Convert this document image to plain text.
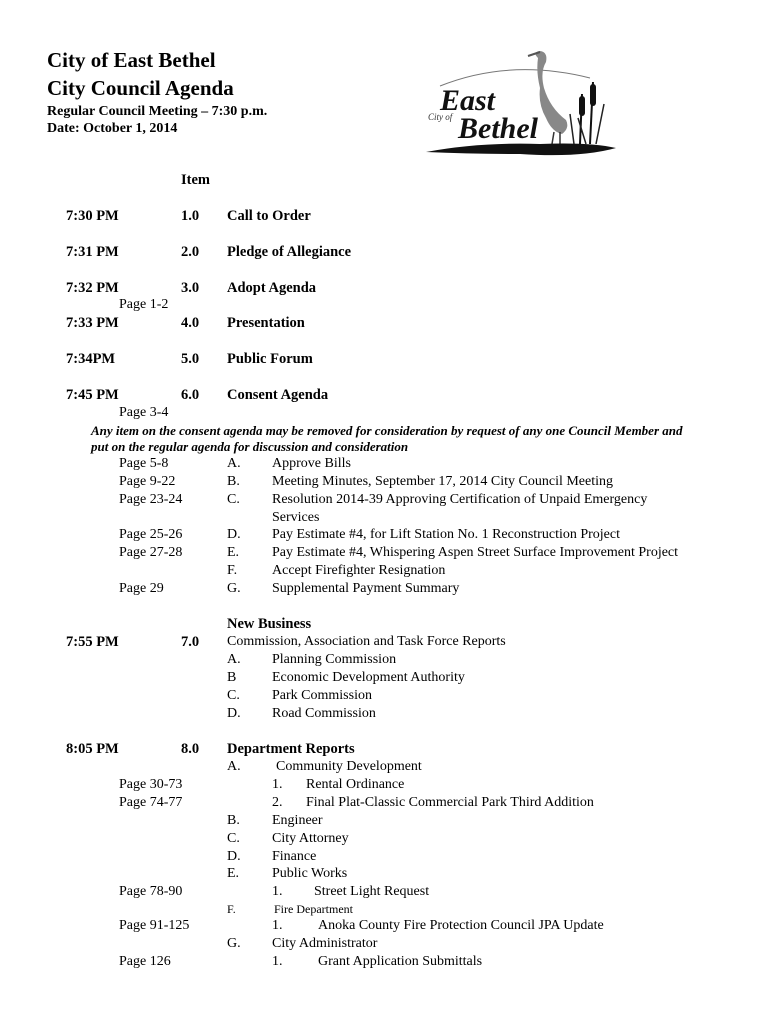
City of East Bethel
City Council Agenda
Regular Council Meeting – 7:30 p.m.
Date: October 1, 2014
East
City of Bethel
Item
7:30 PM	1.0 Call to Order
7:31 PM	2.0 Pledge of Allegiance
7:32 PM	3.0 Adopt Agenda
Page 1-2
7:33 PM	4.0 Presentation
7:34PM	5.0 Public Forum
7:45 PM	6.0 Consent Agenda
Page 3-4
Any item on the consent agenda may be removed for consideration by request of any one Council Member and
put on the regular agenda for discussion and consideration
Page 5-8	A. Approve Bills
Page 9-22	B. Meeting Minutes, September 17, 2014 City Council Meeting
Page 23-24	C. Resolution 2014-39 Approving Certification of Unpaid Emergency
Services
Page 25-26	D. Pay Estimate #4, for Lift Station No. 1 Reconstruction Project
Page 27-28	E. Pay Estimate #4, Whispering Aspen Street Surface Improvement Project
F. Accept Firefighter Resignation
Page 29	G. Supplemental Payment Summary
New Business
7:55 PM	7.0 Commission, Association and Task Force Reports
A. Planning Commission
B	Economic Development Authority
C. Park Commission
D. Road Commission
8:05 PM	8.0 Department Reports
A.	Community Development
Page 30-73	1. Rental Ordinance
Page 74-77	2. Final Plat-Classic Commercial Park Third Addition
B. Engineer
C. City Attorney
D. Finance
E. Public Works
Page 78-90	1. Street Light Request
F.	Fire Department
Page 91-125	1.	Anoka County Fire Protection Council JPA Update
G. City Administrator
Page 126	1.	Grant Application Submittals
